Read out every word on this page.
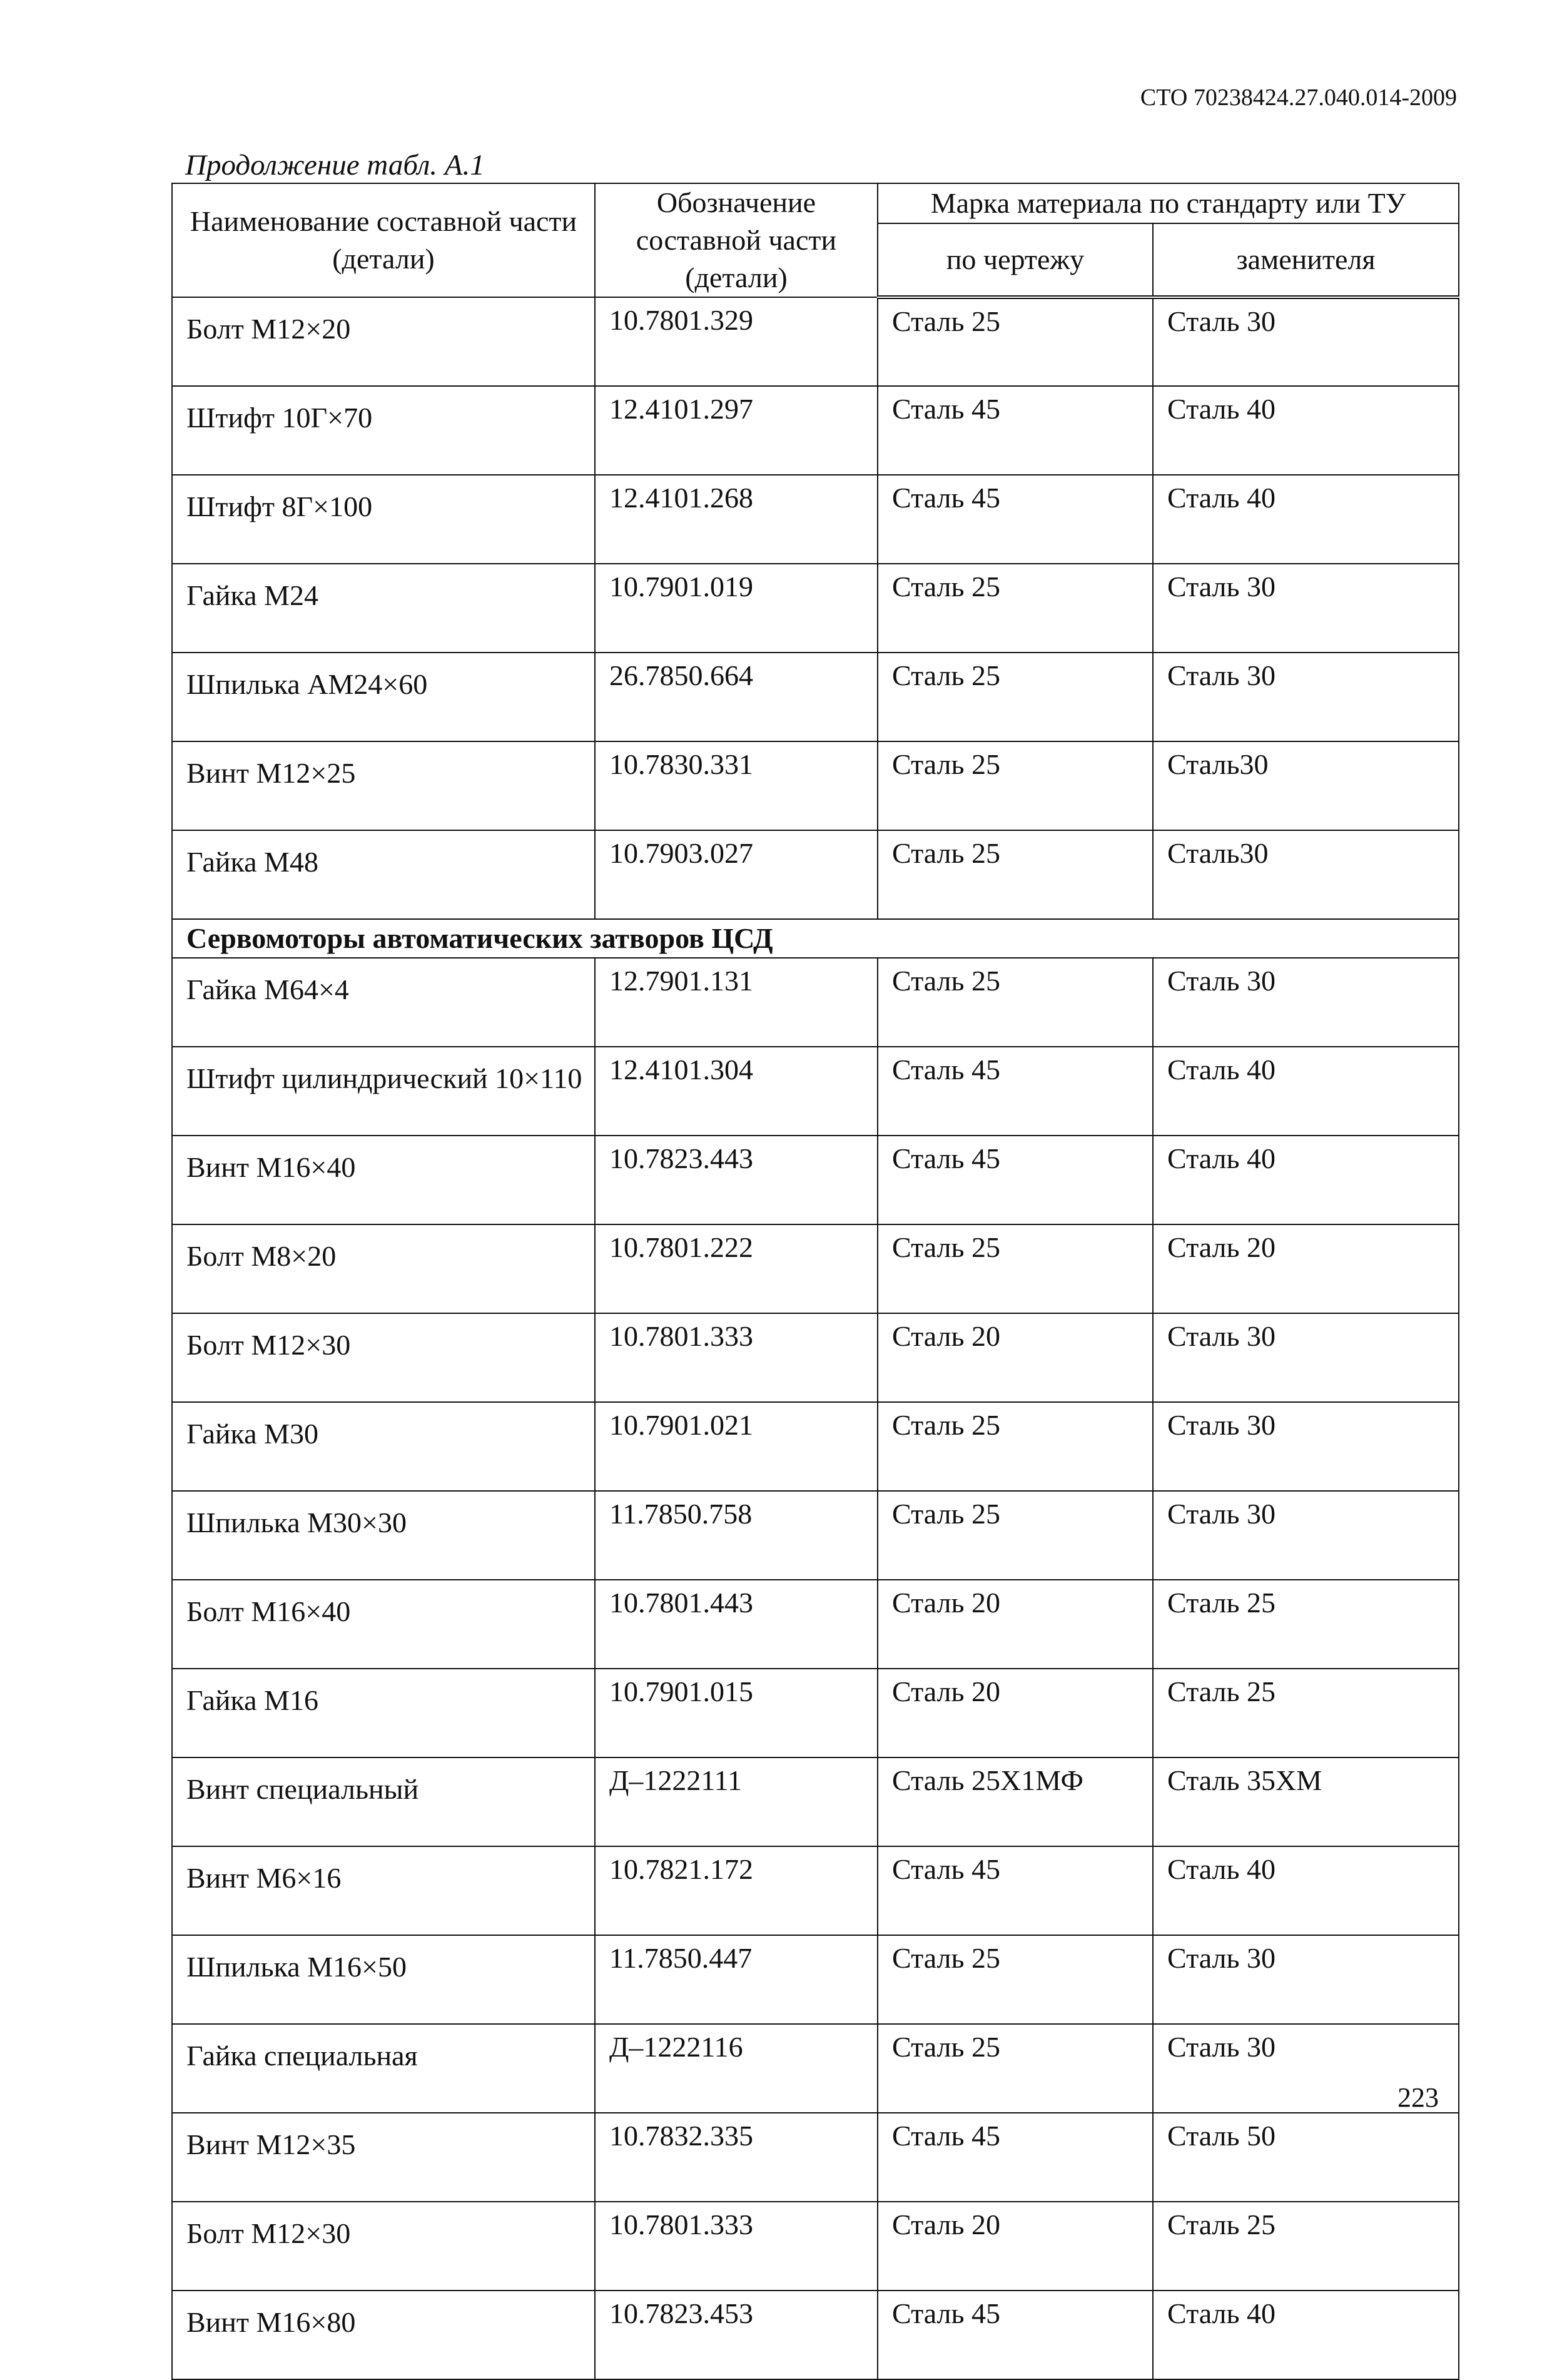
СТО 70238424.27.040.014-2009
Продолжение табл. А.1
Наименование составной части (детали)	Обозначение составной части (детали)	Марка материала по стандарту или ТУ	
		по чертежу	заменителя
Болт М12×20	10.7801.329	Сталь 25	Сталь 30
Штифт 10Г×70	12.4101.297	Сталь 45	Сталь 40
Штифт 8Г×100	12.4101.268	Сталь 45	Сталь 40
Гайка М24	10.7901.019	Сталь 25	Сталь 30
Шпилька АМ24×60	26.7850.664	Сталь 25	Сталь 30
Винт М12×25	10.7830.331	Сталь 25	Сталь30
Гайка М48	10.7903.027	Сталь 25	Сталь30
Сервомоторы автоматических затворов ЦСД			
Гайка М64×4	12.7901.131	Сталь 25	Сталь 30
Штифт цилиндрический 10×110	12.4101.304	Сталь 45	Сталь 40
Винт М16×40	10.7823.443	Сталь 45	Сталь 40
Болт М8×20	10.7801.222	Сталь 25	Сталь 20
Болт М12×30	10.7801.333	Сталь 20	Сталь 30
Гайка М30	10.7901.021	Сталь 25	Сталь 30
Шпилька М30×30	11.7850.758	Сталь 25	Сталь 30
Болт М16×40	10.7801.443	Сталь 20	Сталь 25
Гайка М16	10.7901.015	Сталь 20	Сталь 25
Винт специальный	Д–1222111	Сталь 25Х1МФ	Сталь 35ХМ
Винт М6×16	10.7821.172	Сталь 45	Сталь 40
Шпилька М16×50	11.7850.447	Сталь 25	Сталь 30
Гайка специальная	Д–1222116	Сталь 25	Сталь 30
Винт М12×35	10.7832.335	Сталь 45	Сталь 50
Болт М12×30	10.7801.333	Сталь 20	Сталь 25
Винт М16×80	10.7823.453	Сталь 45	Сталь 40
223
